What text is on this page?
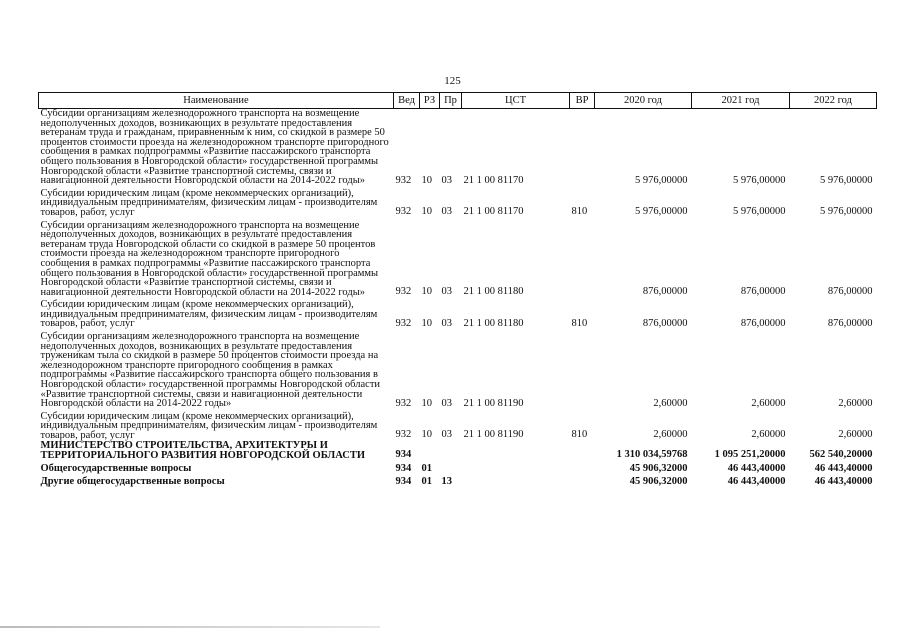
125
Наименование	Вед	РЗ	Пр	ЦСТ	ВР	2020 год	2021 год	2022 год
Субсидии организациям железнодорожного транспорта на возмещение недополученных доходов, возникающих в результате предоставления ветеранам труда и гражданам, приравненным к ним, со скидкой в размере 50 процентов стоимости проезда на железнодорожном транспорте пригородного сообщения в рамках подпрограммы «Развитие пассажирского транспорта общего пользования в Новгородской области» государственной программы Новгородской области «Развитие транспортной системы, связи и навигационной деятельности Новгородской области на 2014-2022 годы»	932	10	03	21 1 00 81170		5 976,00000	5 976,00000	5 976,00000

Субсидии юридическим лицам (кроме некоммерческих организаций), индивидуальным предпринимателям, физическим лицам - производителям товаров, работ, услуг	932	10	03	21 1 00 81170	810	5 976,00000	5 976,00000	5 976,00000

Субсидии организациям железнодорожного транспорта на возмещение недополученных доходов, возникающих в результате предоставления ветеранам труда Новгородской области со скидкой в размере 50 процентов стоимости проезда на железнодорожном транспорте пригородного сообщения в рамках подпрограммы «Развитие пассажирского транспорта общего пользования в Новгородской области» государственной программы Новгородской области «Развитие транспортной системы, связи и навигационной деятельности Новгородской области на 2014-2022 годы»	932	10	03	21 1 00 81180		876,00000	876,00000	876,00000

Субсидии юридическим лицам (кроме некоммерческих организаций), индивидуальным предпринимателям, физическим лицам - производителям товаров, работ, услуг	932	10	03	21 1 00 81180	810	876,00000	876,00000	876,00000

Субсидии организациям железнодорожного транспорта на возмещение недополученных доходов, возникающих в результате предоставления труженикам тыла со скидкой в размере 50 процентов стоимости проезда на железнодорожном транспорте пригородного сообщения в рамках подпрограммы «Развитие пассажирского транспорта общего пользования в Новгородской области» государственной программы Новгородской области «Развитие транспортной системы, связи и навигационной деятельности Новгородской области на 2014-2022 годы»	932	10	03	21 1 00 81190		2,60000	2,60000	2,60000

Субсидии юридическим лицам (кроме некоммерческих организаций), индивидуальным предпринимателям, физическим лицам - производителям товаров, работ, услуг	932	10	03	21 1 00 81190	810	2,60000	2,60000	2,60000
МИНИСТЕРСТВО СТРОИТЕЛЬСТВА, АРХИТЕКТУРЫ И ТЕРРИТОРИАЛЬНОГО РАЗВИТИЯ НОВГОРОДСКОЙ ОБЛАСТИ	934					1 310 034,59768	1 095 251,20000	562 540,20000

Общегосударственные вопросы	934	01				45 906,32000	46 443,40000	46 443,40000

Другие общегосударственные вопросы	934	01	13			45 906,32000	46 443,40000	46 443,40000
